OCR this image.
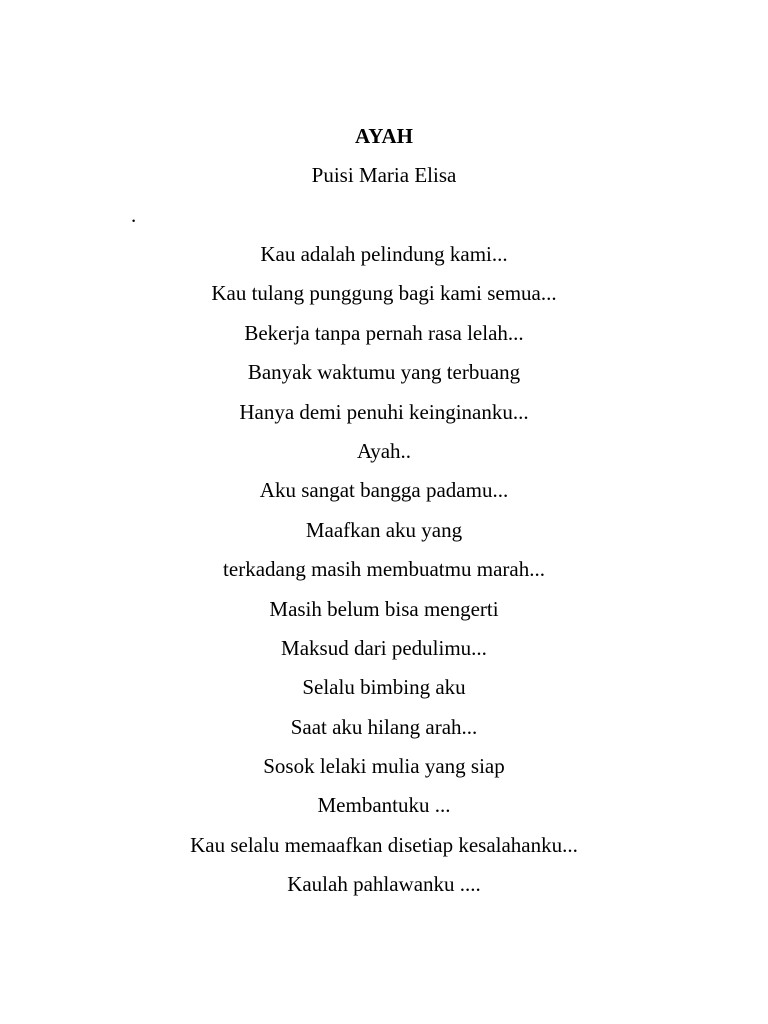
AYAH
Puisi Maria Elisa
.
Kau adalah pelindung kami...
Kau tulang punggung bagi kami semua...
Bekerja tanpa pernah rasa lelah...
Banyak waktumu yang terbuang
Hanya demi penuhi keinginanku...
Ayah..
Aku sangat bangga padamu...
Maafkan aku yang
terkadang masih membuatmu marah...
Masih belum bisa mengerti
Maksud dari pedulimu...
Selalu bimbing aku
Saat aku hilang arah...
Sosok lelaki mulia yang siap
Membantuku ...
Kau selalu memaafkan disetiap kesalahanku...
Kaulah pahlawanku ....
